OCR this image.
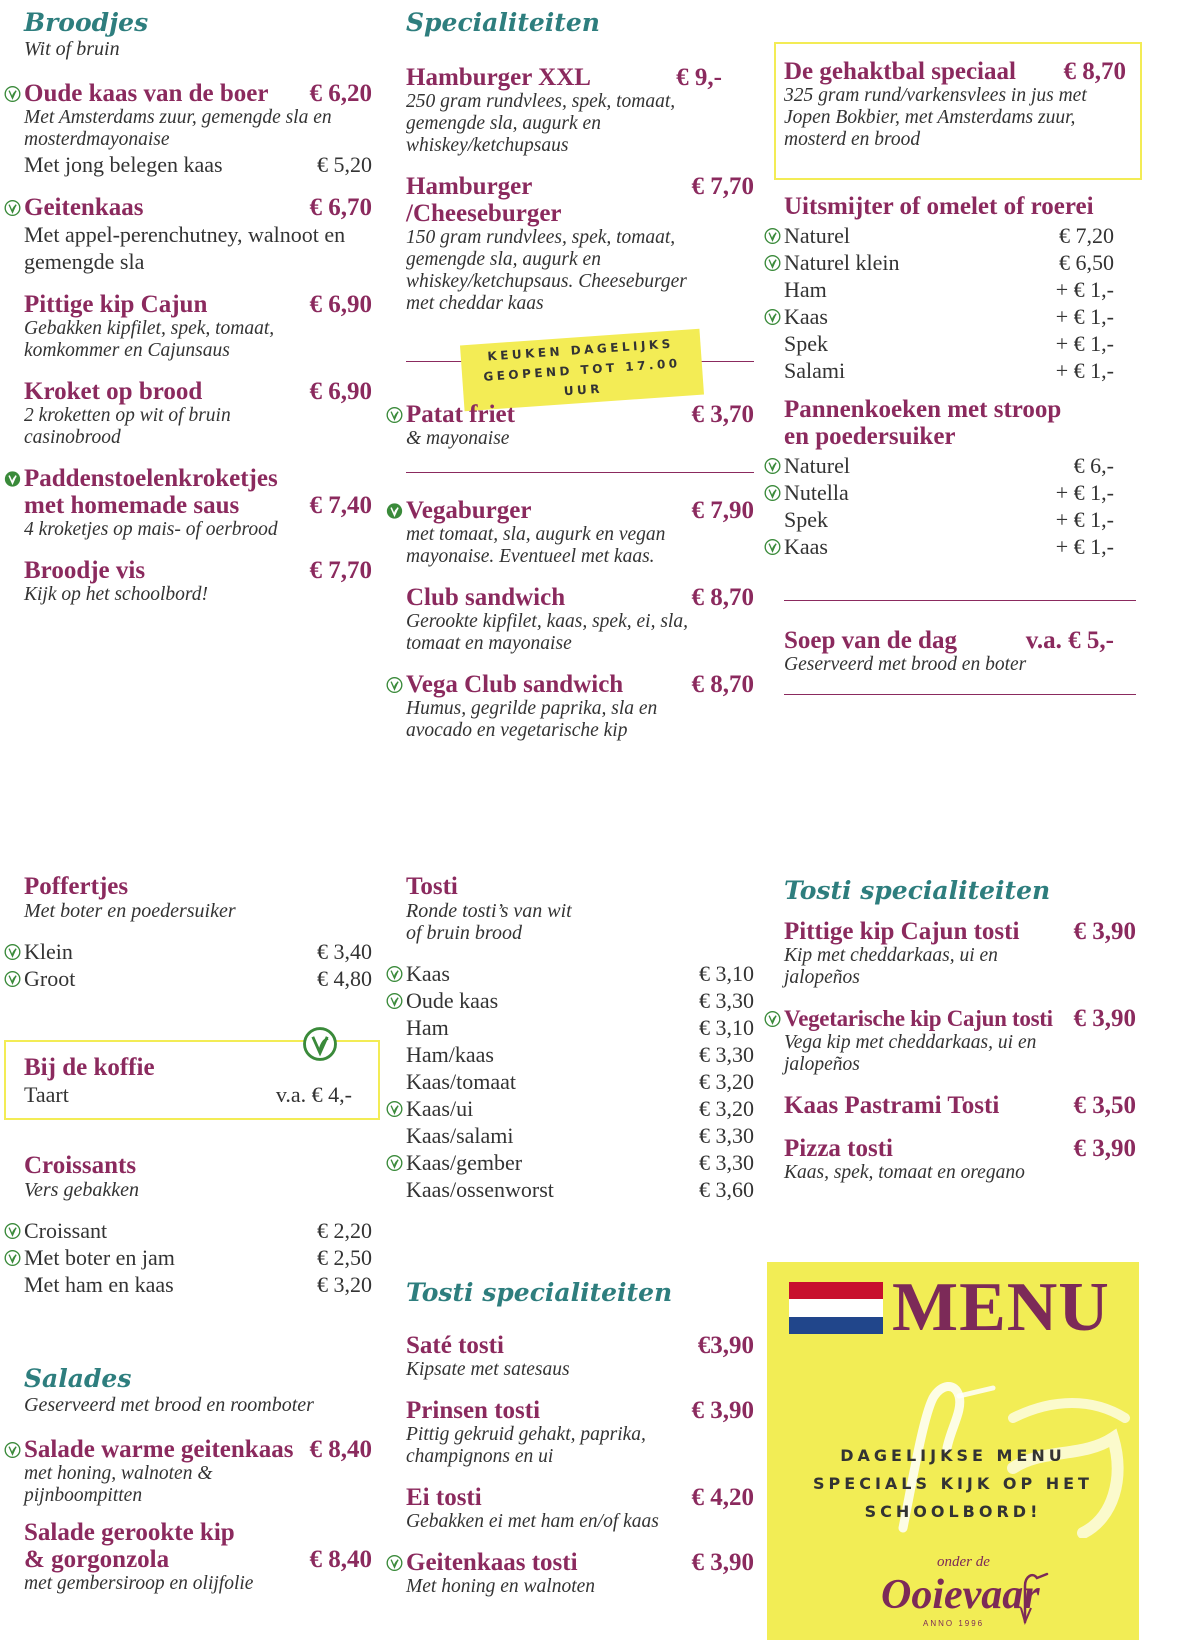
Broodjes
Wit of bruin
Oude kaas van de boer € 6,20
Met Amsterdams zuur, gemengde sla en mosterdmayonaise
Met jong belegen kaas	€ 5,20
Geitenkaas	€ 6,70
Met appel-perenchutney, walnoot en gemengde sla
Pittige kip Cajun	€ 6,90
Gebakken kipfilet, spek, tomaat, komkommer en Cajunsaus
Kroket op brood	€ 6,90
2 kroketten op wit of bruin casinobrood
Paddenstoelenkroketjes met homemade saus	€ 7,40
4 kroketjes op mais- of oerbrood
Broodje vis	€ 7,70
Kijk op het schoolbord!
Specialiteiten
Hamburger XXL	€ 9,-
250 gram rundvlees, spek, tomaat, gemengde sla, augurk en whiskey/ketchupsaus
Hamburger /Cheeseburger
€ 7,70
150 gram rundvlees, spek, tomaat, gemengde sla, augurk en whiskey/ketchupsaus. Cheeseburger met cheddar kaas
KEUKEN DAGELIJKS
GEOPEND TOT 17.00 UUR
Patat friet	€ 3,70
& mayonaise
Vegaburger	€ 7,90
met tomaat, sla, augurk en vegan mayonaise. Eventueel met kaas.
Club sandwich	€ 8,70
Gerookte kipfilet, kaas, spek, ei, sla, tomaat en mayonaise
Vega Club sandwich	€ 8,70
Humus, gegrilde paprika, sla en avocado en vegetarische kip
De gehaktbal speciaal € 8,70
325 gram rund/varkensvlees in jus met Jopen Bokbier, met Amsterdams zuur, mosterd en brood
Uitsmijter of omelet of roerei
Naturel	€ 7,20
Naturel klein	€ 6,50
Ham	+ € 1,-
Kaas	+ € 1,-
Spek	+ € 1,-
Salami	+ € 1,-
Pannenkoeken met stroop en poedersuiker
Naturel	€ 6,-
Nutella	+ € 1,-
Spek	+ € 1,-
Kaas	+ € 1,-
Soep van de dag	v.a. € 5,-
Geserveerd met brood en boter
Poffertjes
Met boter en poedersuiker
Klein	€ 3,40
Groot	€ 4,80
Bij de koffie
Taart	v.a. € 4,-
Croissants
Vers gebakken
Croissant	€ 2,20
Met boter en jam	€ 2,50
Met ham en kaas	€ 3,20
Salades
Geserveerd met brood en roomboter
Salade warme geitenkaas € 8,40
met honing, walnoten & pijnboompitten
Salade gerookte kip & gorgonzola	€ 8,40
met gembersiroop en olijfolie
Tosti
Ronde tosti’s van wit of bruin brood
Kaas	€ 3,10
Oude kaas	€ 3,30
Ham	€ 3,10
Ham/kaas	€ 3,30
Kaas/tomaat	€ 3,20
Kaas/ui	€ 3,20
Kaas/salami	€ 3,30
Kaas/gember	€ 3,30
Kaas/ossenworst	€ 3,60
Tosti specialiteiten
Saté tosti	€3,90
Kipsate met satesaus
Prinsen tosti	€ 3,90
Pittig gekruid gehakt, paprika, champignons en ui
Ei tosti	€ 4,20
Gebakken ei met ham en/of kaas
Geitenkaas tosti	€ 3,90
Met honing en walnoten
Tosti specialiteiten
Pittige kip Cajun tosti € 3,90
Kip met cheddarkaas, ui en jalopeños
Vegetarische kip Cajun tosti € 3,90
Vega kip met cheddarkaas, ui en jalopeños
Kaas Pastrami Tosti	€ 3,50
Pizza tosti	€ 3,90
Kaas, spek, tomaat en oregano
MENU
DAGELIJKSE MENU
SPECIALS KIJK OP HET
SCHOOLBORD!
onder de
Ooievaar
ANNO 1996
